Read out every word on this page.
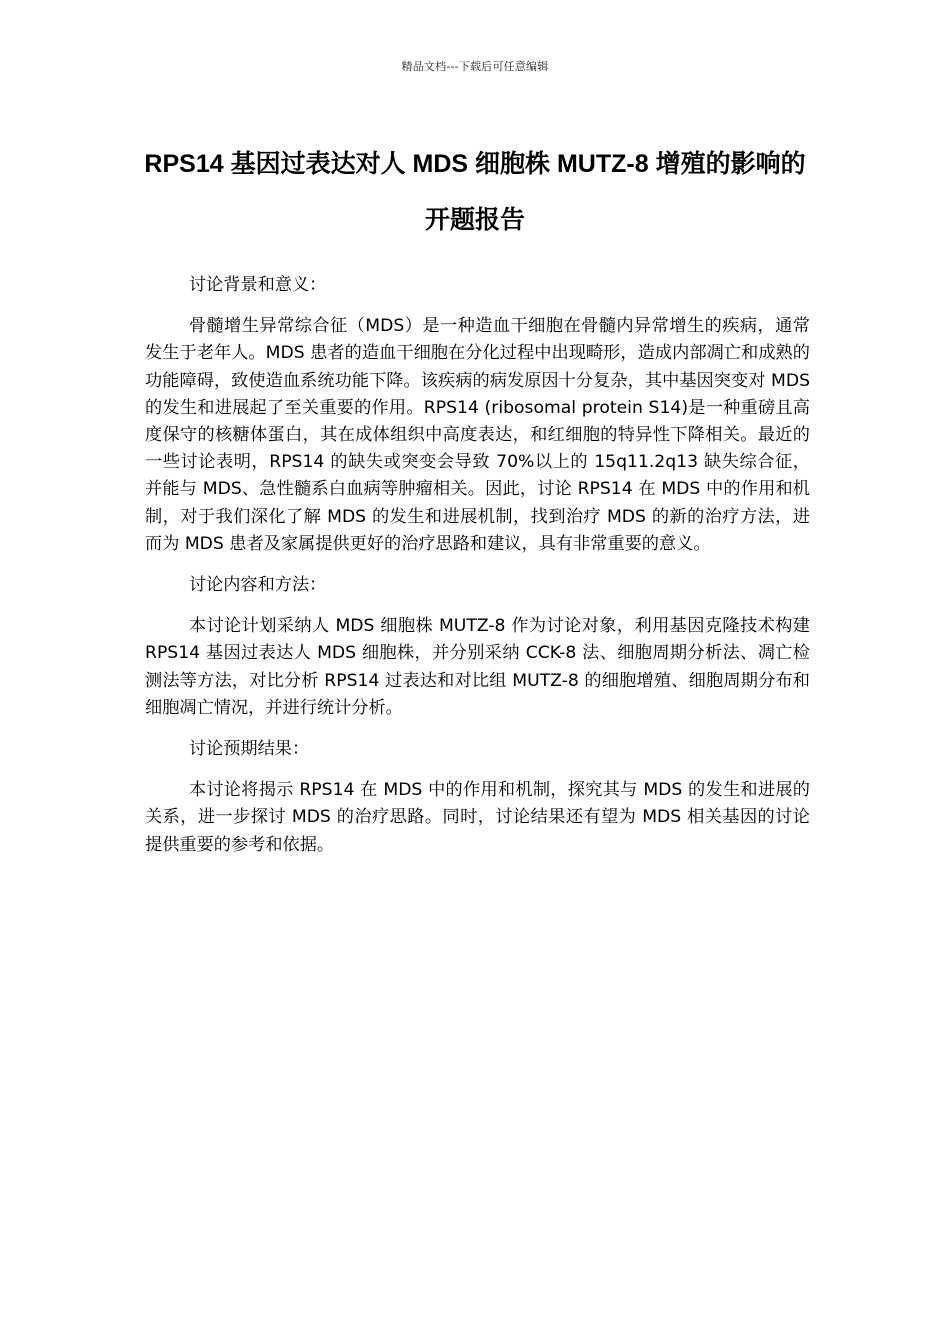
精品文档---下载后可任意编辑
RPS14 基因过表达对人 MDS 细胞株 MUTZ-8 增殖的影响的开题报告

讨论背景和意义：

骨髓增生异常综合征（MDS）是一种造血干细胞在骨髓内异常增生的疾病，通常发生于老年人。MDS 患者的造血干细胞在分化过程中出现畸形，造成内部凋亡和成熟的功能障碍，致使造血系统功能下降。该疾病的病发原因十分复杂，其中基因突变对 MDS 的发生和进展起了至关重要的作用。RPS14 (ribosomal protein S14)是一种重磅且高度保守的核糖体蛋白，其在成体组织中高度表达，和红细胞的特异性下降相关。最近的一些讨论表明，RPS14 的缺失或突变会导致 70%以上的 15q11.2q13 缺失综合征，并能与 MDS、急性髓系白血病等肿瘤相关。因此，讨论 RPS14 在 MDS 中的作用和机制，对于我们深化了解 MDS 的发生和进展机制，找到治疗 MDS 的新的治疗方法，进而为 MDS 患者及家属提供更好的治疗思路和建议，具有非常重要的意义。

讨论内容和方法：

本讨论计划采纳人 MDS 细胞株 MUTZ-8 作为讨论对象，利用基因克隆技术构建 RPS14 基因过表达人 MDS 细胞株，并分别采纳 CCK-8 法、细胞周期分析法、凋亡检测法等方法，对比分析 RPS14 过表达和对比组 MUTZ-8 的细胞增殖、细胞周期分布和细胞凋亡情况，并进行统计分析。

讨论预期结果：

本讨论将揭示 RPS14 在 MDS 中的作用和机制，探究其与 MDS 的发生和进展的关系，进一步探讨 MDS 的治疗思路。同时，讨论结果还有望为 MDS 相关基因的讨论提供重要的参考和依据。
